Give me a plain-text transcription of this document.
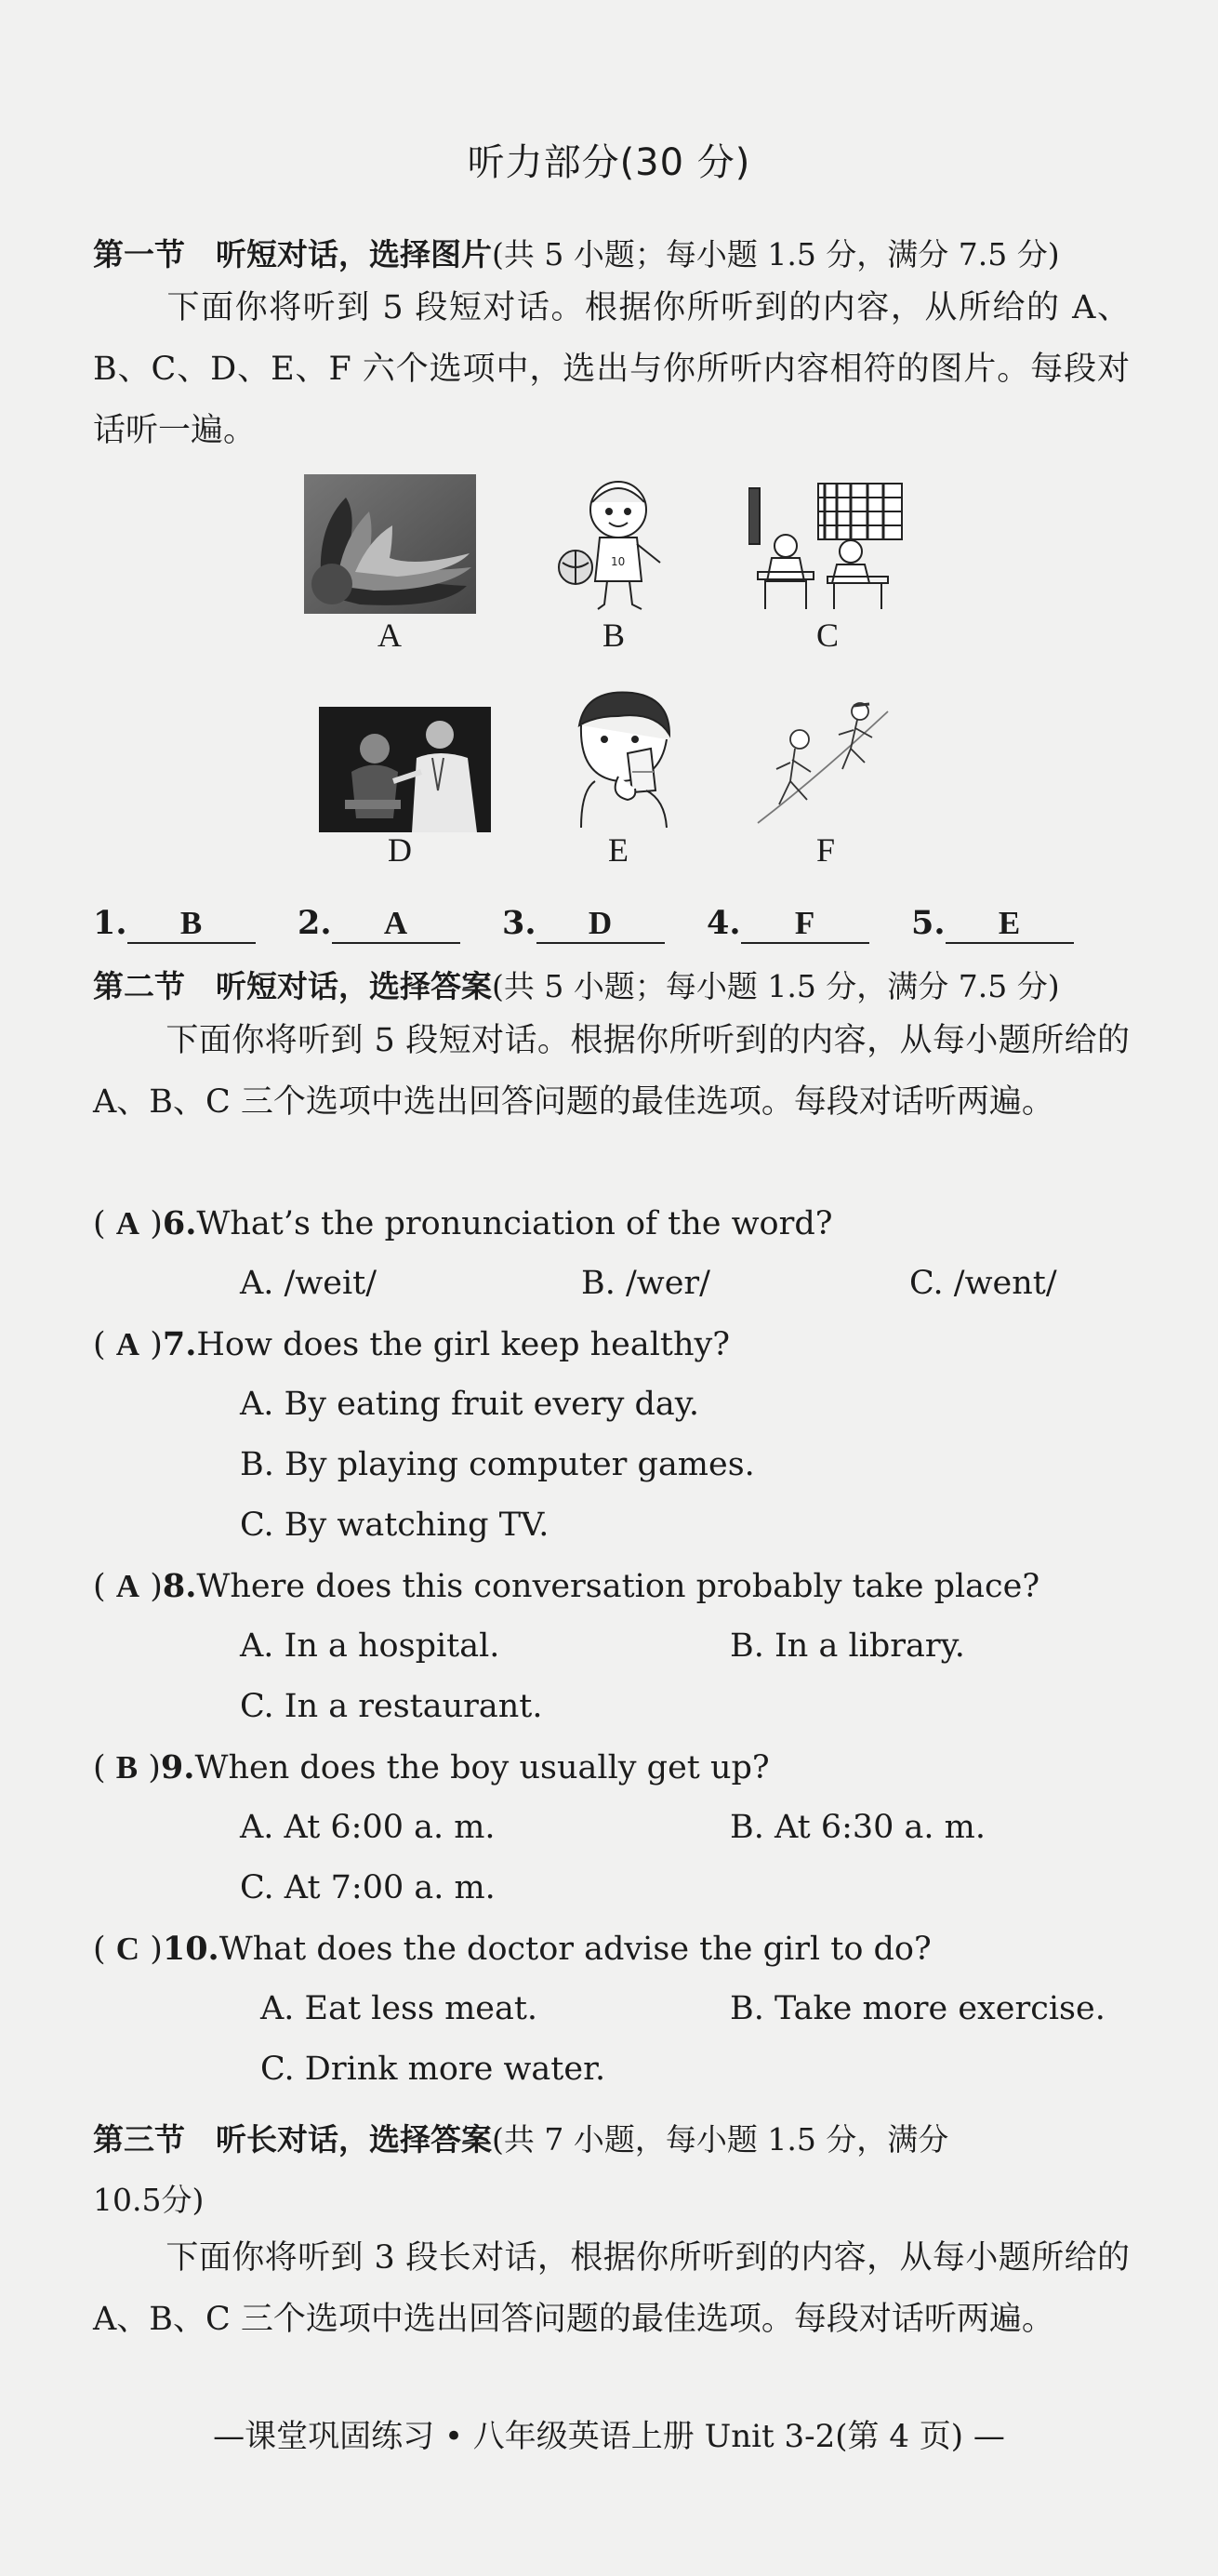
听力部分(30 分)
第一节　听短对话，选择图片(共 5 小题；每小题 1.5 分，满分 7.5 分)
下面你将听到 5 段短对话。根据你所听到的内容，从所给的 A、B、C、D、E、F 六个选项中，选出与你所听内容相符的图片。每段对话听一遍。
10
A	B	C
D	E	F
1. B	2. A	3. D	4. F	5. E
第二节　听短对话，选择答案(共 5 小题；每小题 1.5 分，满分 7.5 分)
下面你将听到 5 段短对话。根据你所听到的内容，从每小题所给的 A、B、C 三个选项中选出回答问题的最佳选项。每段对话听两遍。
( A )6.What’s the pronunciation of the word?
A. /weit/	B. /wer/	C. /went/
( A )7.How does the girl keep healthy?
A. By eating fruit every day.
B. By playing computer games.
C. By watching TV.
( A )8.Where does this conversation probably take place?
A. In a hospital.	B. In a library.
C. In a restaurant.
( B )9.When does the boy usually get up?
A. At 6:00 a. m.	B. At 6:30 a. m.
C. At 7:00 a. m.
( C )10.What does the doctor advise the girl to do?
A. Eat less meat.	B. Take more exercise.
C. Drink more water.
第三节　听长对话，选择答案(共 7 小题，每小题 1.5 分，满分
10.5分)
下面你将听到 3 段长对话，根据你所听到的内容，从每小题所给的 A、B、C 三个选项中选出回答问题的最佳选项。每段对话听两遍。
—课堂巩固练习 • 八年级英语上册 Unit 3-2(第 4 页) —
